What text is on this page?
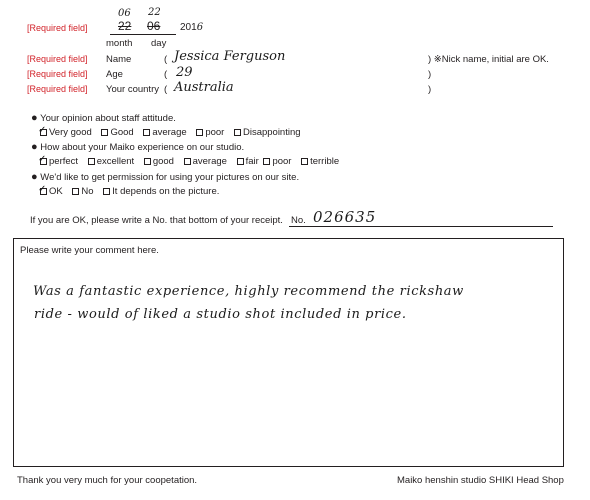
[Required field]
06 22
22 06 2016
month day
[Required field] Name	( Jessica Ferguson	) ※Nick name, initial are OK.
[Required field] Age	( 29	)
[Required field] Your country ( Australia	)
● Your opinion about staff attitude.
✓ Very good Good average poor Disappointing
● How about your Maiko experience on our studio.
✓ perfect excellent good average fair poor terrible
● We'd like to get permission for using your pictures on our site.
✓ OK No It depends on the picture.
If you are OK, please write a No. that bottom of your receipt. No. 026635
Please write your comment here.
Was a fantastic experience, highly recommend the rickshaw
ride - would of liked a studio shot included in price.
Thank you very much for your coopetation.	Maiko henshin studio SHIKI Head Shop
